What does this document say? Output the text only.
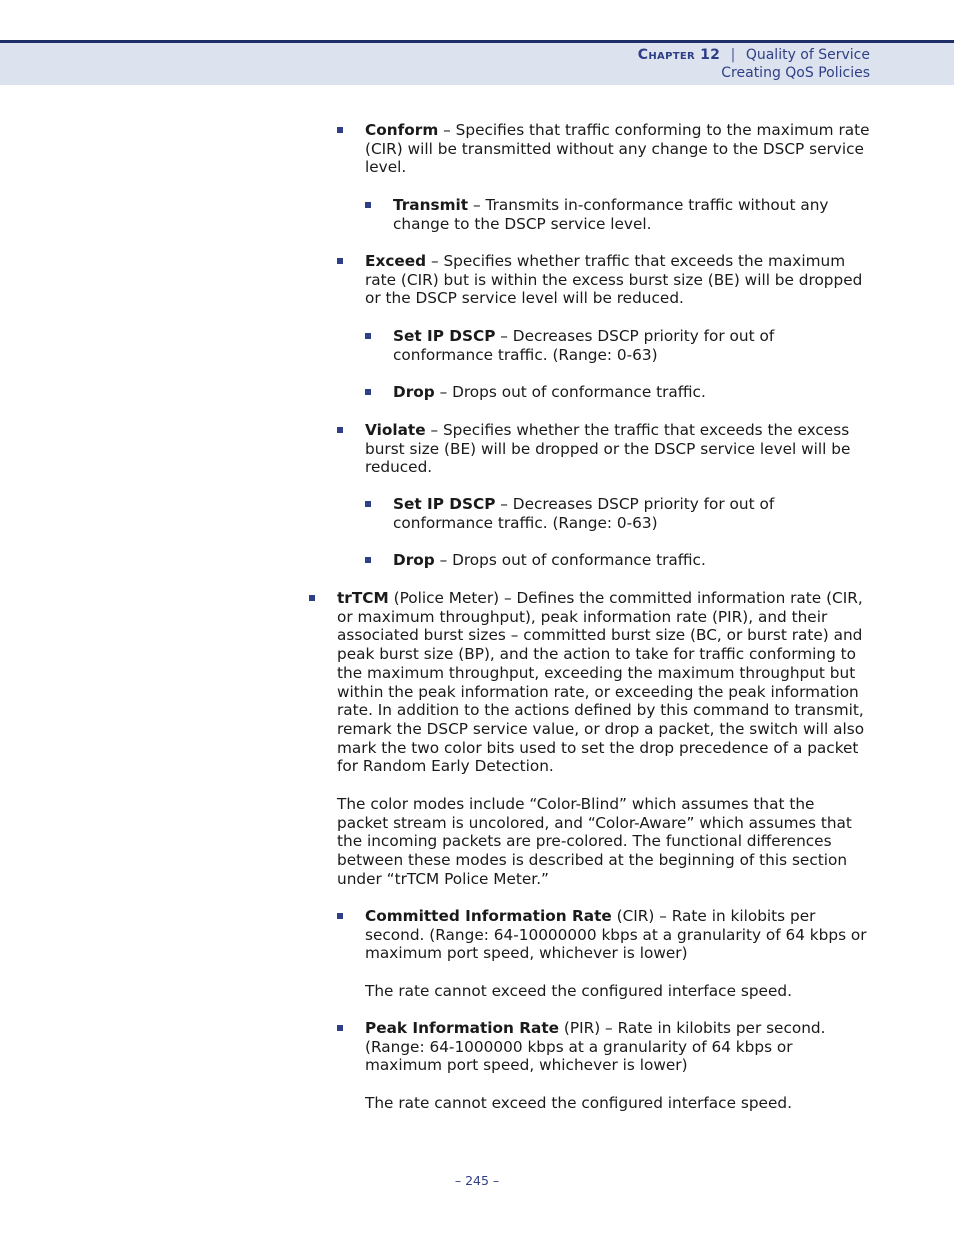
Chapter 12 | Quality of Service
Creating QoS Policies
Conform – Specifies that traffic conforming to the maximum rate (CIR) will be transmitted without any change to the DSCP service level.
Transmit – Transmits in-conformance traffic without any change to the DSCP service level.
Exceed – Specifies whether traffic that exceeds the maximum rate (CIR) but is within the excess burst size (BE) will be dropped or the DSCP service level will be reduced.
Set IP DSCP – Decreases DSCP priority for out of conformance traffic. (Range: 0-63)
Drop – Drops out of conformance traffic.
Violate – Specifies whether the traffic that exceeds the excess burst size (BE) will be dropped or the DSCP service level will be reduced.
Set IP DSCP – Decreases DSCP priority for out of conformance traffic. (Range: 0-63)
Drop – Drops out of conformance traffic.
trTCM (Police Meter) – Defines the committed information rate (CIR, or maximum throughput), peak information rate (PIR), and their associated burst sizes – committed burst size (BC, or burst rate) and peak burst size (BP), and the action to take for traffic conforming to the maximum throughput, exceeding the maximum throughput but within the peak information rate, or exceeding the peak information rate. In addition to the actions defined by this command to transmit, remark the DSCP service value, or drop a packet, the switch will also mark the two color bits used to set the drop precedence of a packet for Random Early Detection.
The color modes include “Color-Blind” which assumes that the packet stream is uncolored, and “Color-Aware” which assumes that the incoming packets are pre-colored. The functional differences between these modes is described at the beginning of this section under “trTCM Police Meter.”
Committed Information Rate (CIR) – Rate in kilobits per second. (Range: 64-10000000 kbps at a granularity of 64 kbps or maximum port speed, whichever is lower)
The rate cannot exceed the configured interface speed.
Peak Information Rate (PIR) – Rate in kilobits per second. (Range: 64-1000000 kbps at a granularity of 64 kbps or maximum port speed, whichever is lower)
The rate cannot exceed the configured interface speed.
– 245 –
